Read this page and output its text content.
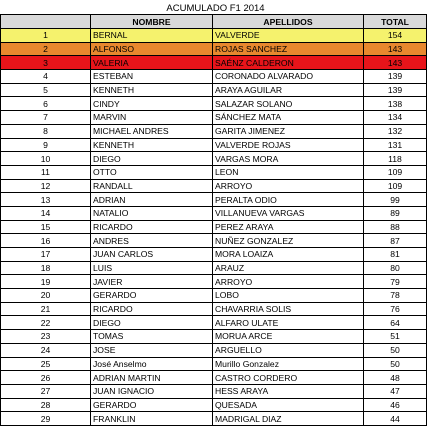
ACUMULADO F1 2014
	NOMBRE	APELLIDOS	TOTAL
1	BERNAL	VALVERDE	154
2	ALFONSO	ROJAS SANCHEZ	143
3	VALERIA	SAÉNZ CALDERON	143
4	ESTEBAN	CORONADO ALVARADO	139
5	KENNETH	ARAYA AGUILAR	139
6	CINDY	SALAZAR SOLANO	138
7	MARVIN	SÁNCHEZ MATA	134
8	MICHAEL ANDRES	GARITA JIMENEZ	132
9	KENNETH	VALVERDE ROJAS	131
10	DIEGO	VARGAS MORA	118
11	OTTO	LEON	109
12	RANDALL	ARROYO	109
13	ADRIAN	PERALTA ODIO	99
14	NATALIO	VILLANUEVA VARGAS	89
15	RICARDO	PEREZ ARAYA	88
16	ANDRES	NUÑEZ GONZALEZ	87
17	JUAN CARLOS	MORA LOAIZA	81
18	LUIS	ARAUZ	80
19	JAVIER	ARROYO	79
20	GERARDO	LOBO	78
21	RICARDO	CHAVARRIA SOLIS	76
22	DIEGO	ALFARO ULATE	64
23	TOMAS	MORUA ARCE	51
24	JOSE	ARGUELLO	50
25	José Anselmo	Murillo Gonzalez	50
26	ADRIAN MARTIN	CASTRO CORDERO	48
27	JUAN IGNACIO	HESS ARAYA	47
28	GERARDO	QUESADA	46
29	FRANKLIN	MADRIGAL DIAZ	44
